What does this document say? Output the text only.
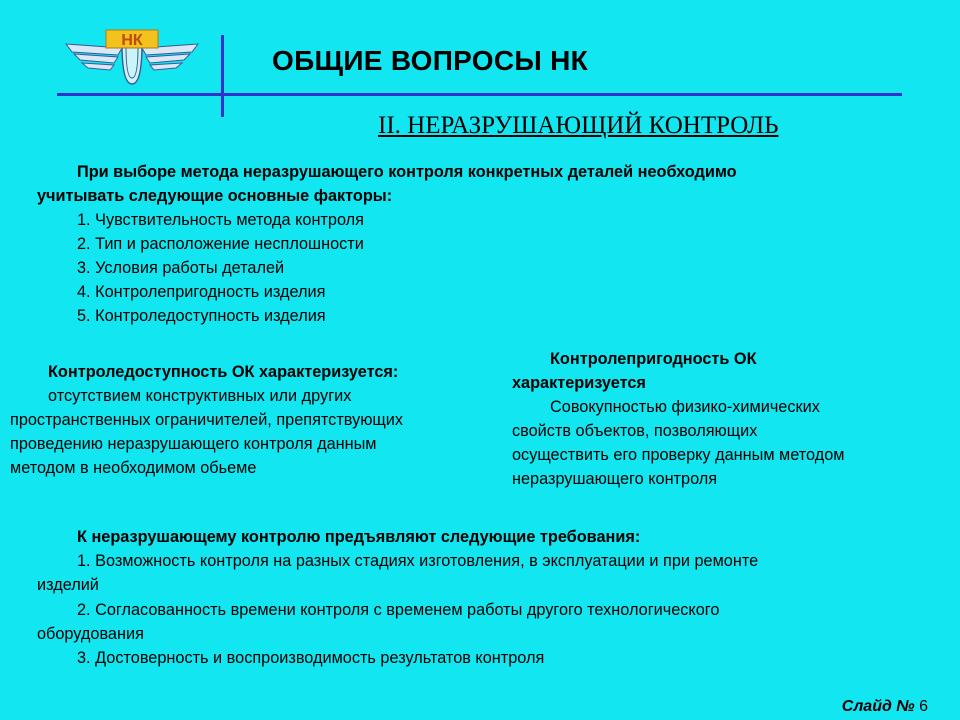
НК
ОБЩИЕ ВОПРОСЫ НК
II. НЕРАЗРУШАЮЩИЙ КОНТРОЛЬ
При выборе метода неразрушающего контроля конкретных деталей необходимо
учитывать следующие основные факторы:
1. Чувствительность метода контроля
2. Тип и расположение несплошности
3. Условия работы деталей
4. Контролепригодность изделия
5. Контроледоступность изделия
Контроледоступность ОК характеризуется:
отсутствием конструктивных или других
пространственных ограничителей, препятствующих
проведению неразрушающего контроля данным
методом в необходимом обьеме
Контролепригодность ОК
характеризуется
Совокупностью физико-химических
свойств объектов, позволяющих
осуществить его проверку данным методом
неразрушающего контроля
К неразрушающему контролю предъявляют следующие требования:
1. Возможность контроля на разных стадиях изготовления, в эксплуатации и при ремонте
изделий
2. Согласованность времени контроля с временем работы другого технологического
оборудования
3. Достоверность и воспроизводимость результатов контроля
Слайд № 6
